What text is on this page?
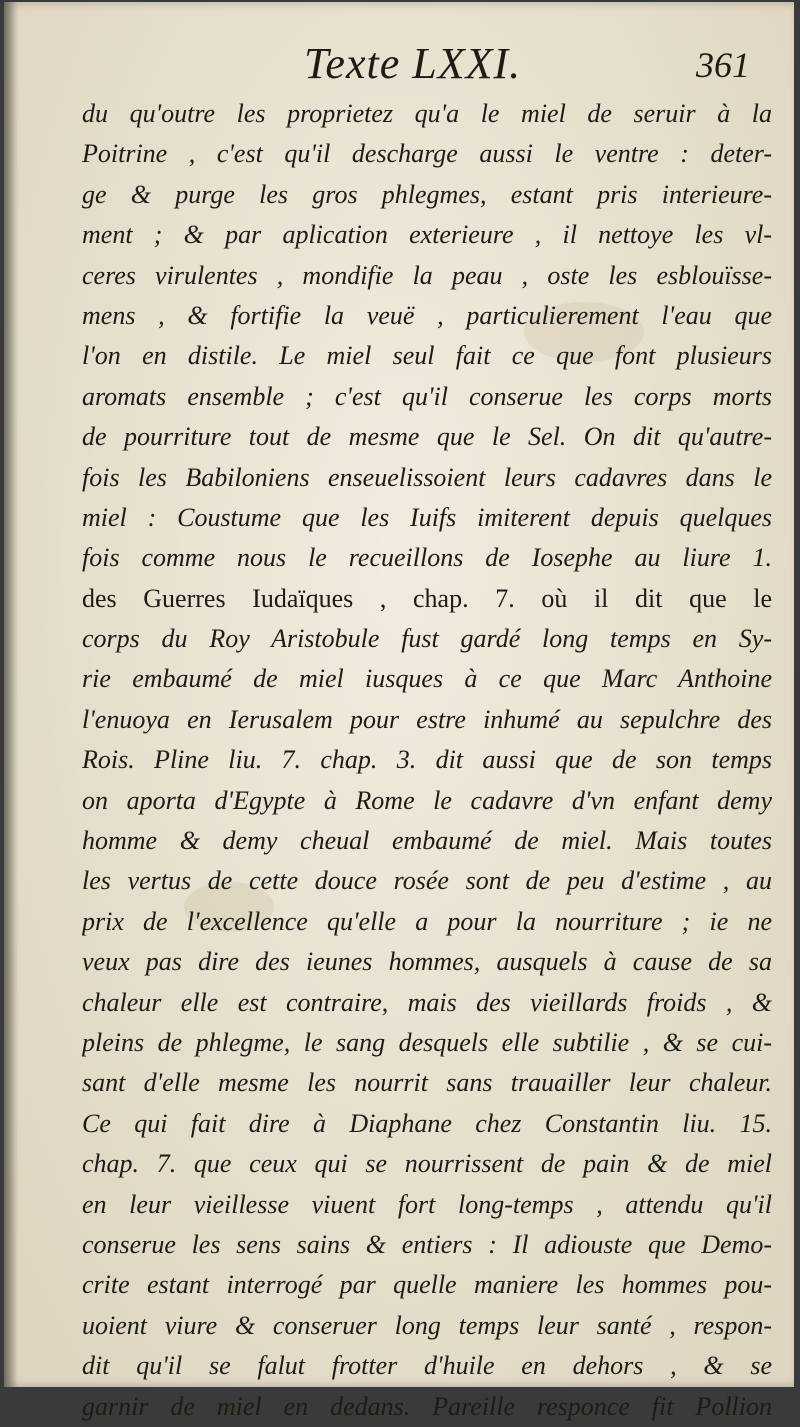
Texte LXXI.	361
du qu'outre les proprietez qu'a le miel de seruir à la
Poitrine , c'est qu'il descharge aussi le ventre : deter-
ge & purge les gros phlegmes, estant pris interieure-
ment ; & par aplication exterieure , il nettoye les vl-
ceres virulentes , mondifie la peau , oste les esblouïsse-
mens , & fortifie la veuë , particulierement l'eau que
l'on en distile. Le miel seul fait ce que font plusieurs
aromats ensemble ; c'est qu'il conserue les corps morts
de pourriture tout de mesme que le Sel. On dit qu'autre-
fois les Babiloniens enseuelissoient leurs cadavres dans le
miel : Coustume que les Iuifs imiterent depuis quelques
fois comme nous le recueillons de Iosephe au liure 1.
des Guerres Iudaïques , chap. 7. où il dit que le
corps du Roy Aristobule fust gardé long temps en Sy-
rie embaumé de miel iusques à ce que Marc Anthoine
l'enuoya en Ierusalem pour estre inhumé au sepulchre des
Rois. Pline liu. 7. chap. 3. dit aussi que de son temps
on aporta d'Egypte à Rome le cadavre d'vn enfant demy
homme & demy cheual embaumé de miel. Mais toutes
les vertus de cette douce rosée sont de peu d'estime , au
prix de l'excellence qu'elle a pour la nourriture ; ie ne
veux pas dire des ieunes hommes, ausquels à cause de sa
chaleur elle est contraire, mais des vieillards froids , &
pleins de phlegme, le sang desquels elle subtilie , & se cui-
sant d'elle mesme les nourrit sans trauailler leur chaleur.
Ce qui fait dire à Diaphane chez Constantin liu. 15.
chap. 7. que ceux qui se nourrissent de pain & de miel
en leur vieillesse viuent fort long-temps , attendu qu'il
conserue les sens sains & entiers : Il adiouste que Demo-
crite estant interrogé par quelle maniere les hommes pou-
uoient viure & conseruer long temps leur santé , respon-
dit qu'il se falut frotter d'huile en dehors , & se
garnir de miel en dedans. Pareille responce fit Pollion
